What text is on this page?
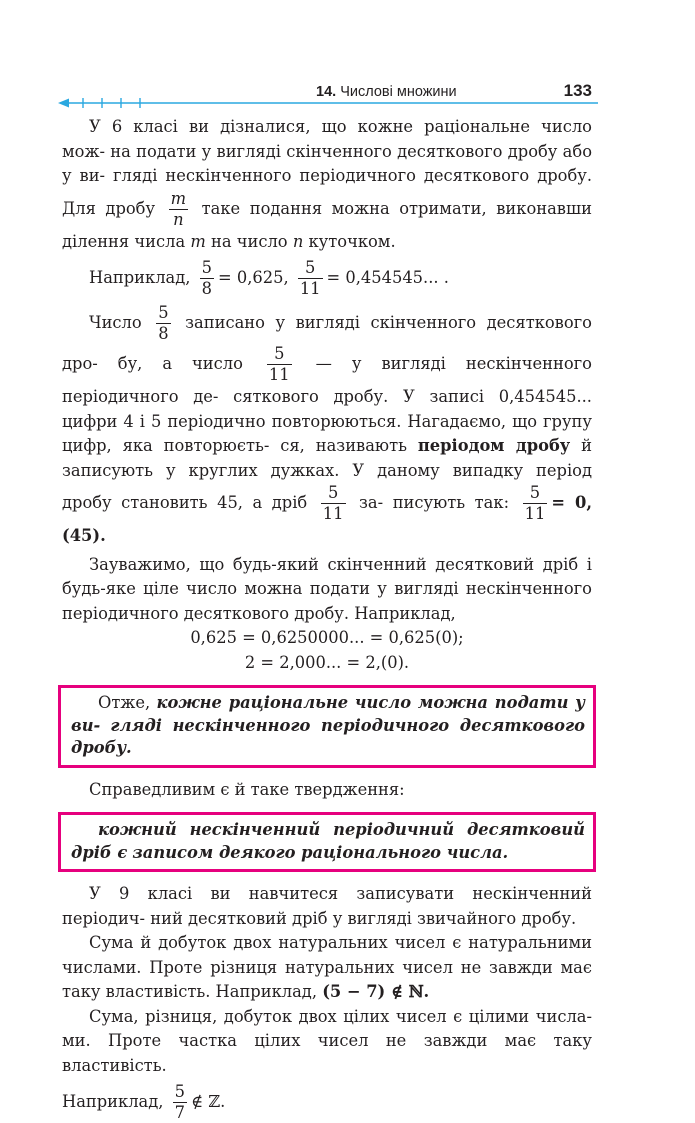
14. Числові множини	133

У 6 класі ви дізналися, що кожне раціональне число мож- на подати у вигляді скінченного десяткового дробу або у ви- гляді нескінченного періодичного десяткового дробу. Для дробу $\frac{m}{n}$ таке подання можна отримати, виконавши ділення числа m на число n куточком.

Наприклад, $\frac{5}{8} = 0,625$, $\frac{5}{11} = 0,454545$... .

Число $\frac{5}{8}$ записано у вигляді скінченного десяткового дро- бу, а число $\frac{5}{11}$ — у вигляді нескінченного періодичного де- сяткового дробу. У записі 0,454545... цифри 4 і 5 періодично повторюються. Нагадаємо, що групу цифр, яка повторюєть- ся, називають періодом дробу й записують у круглих дужках. У даному випадку період дробу становить 45, а дріб $\frac{5}{11} за-$ писують так: $\frac{5}{11} = 0,(45)$.

Зауважимо, що будь-який скінченний десятковий дріб і будь-яке ціле число можна подати у вигляді нескінченного періодичного десяткового дробу. Наприклад,

0,625 = 0,6250000... = 0,625(0);

2 = 2,000... = 2,(0).

Отже, кожне раціональне число можна подати у ви- гляді нескінченного періодичного десяткового дробу.

Справедливим є й таке твердження:

кожний нескінченний періодичний десятковий дріб є записом деякого раціонального числа.

У 9 класі ви навчитеся записувати нескінченний періодич- ний десятковий дріб у вигляді звичайного дробу.

Сума й добуток двох натуральних чисел є натуральними числами. Проте різниця натуральних чисел не завжди має таку властивість. Наприклад, (5 − 7) ∉ ℕ.

Сума, різниця, добуток двох цілих чисел є цілими числа- ми. Проте частка цілих чисел не завжди має таку властивість.

Наприклад, $\frac{5}{7}$ ∉ ℤ.
